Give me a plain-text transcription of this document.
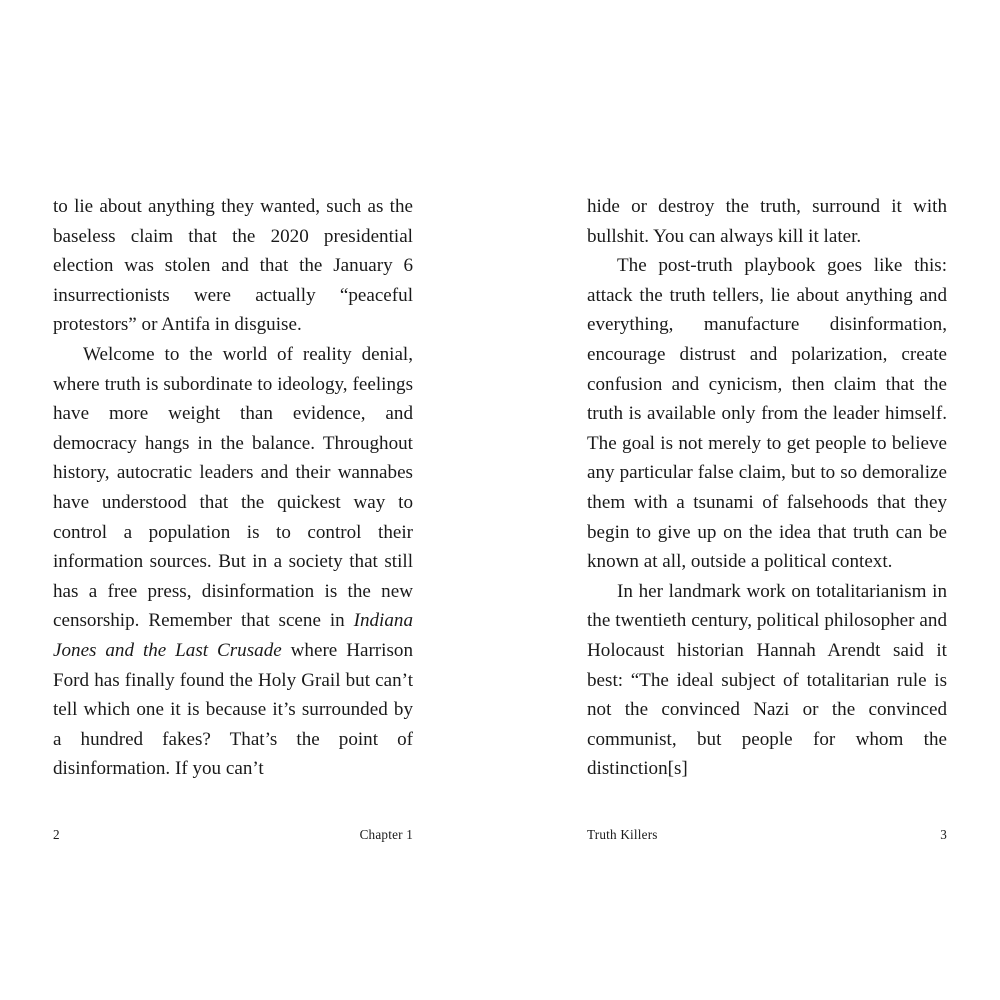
to lie about anything they wanted, such as the baseless claim that the 2020 presidential election was stolen and that the January 6 insurrectionists were actually “peaceful protestors” or Antifa in disguise.

Welcome to the world of reality denial, where truth is subordinate to ideology, feelings have more weight than evidence, and democracy hangs in the balance. Throughout history, autocratic leaders and their wannabes have understood that the quickest way to control a population is to control their information sources. But in a society that still has a free press, disinformation is the new censorship. Remember that scene in Indiana Jones and the Last Crusade where Harrison Ford has finally found the Holy Grail but can’t tell which one it is because it’s surrounded by a hundred fakes? That’s the point of disinformation. If you can’t

2	Chapter 1

hide or destroy the truth, surround it with bullshit. You can always kill it later.

The post-truth playbook goes like this: attack the truth tellers, lie about anything and everything, manufacture disinformation, encourage distrust and polarization, create confusion and cynicism, then claim that the truth is available only from the leader himself. The goal is not merely to get people to believe any particular false claim, but to so demoralize them with a tsunami of falsehoods that they begin to give up on the idea that truth can be known at all, outside a political context.

In her landmark work on totalitarianism in the twentieth century, political philosopher and Holocaust historian Hannah Arendt said it best: “The ideal subject of totalitarian rule is not the convinced Nazi or the convinced communist, but people for whom the distinction[s]

Truth Killers	3
